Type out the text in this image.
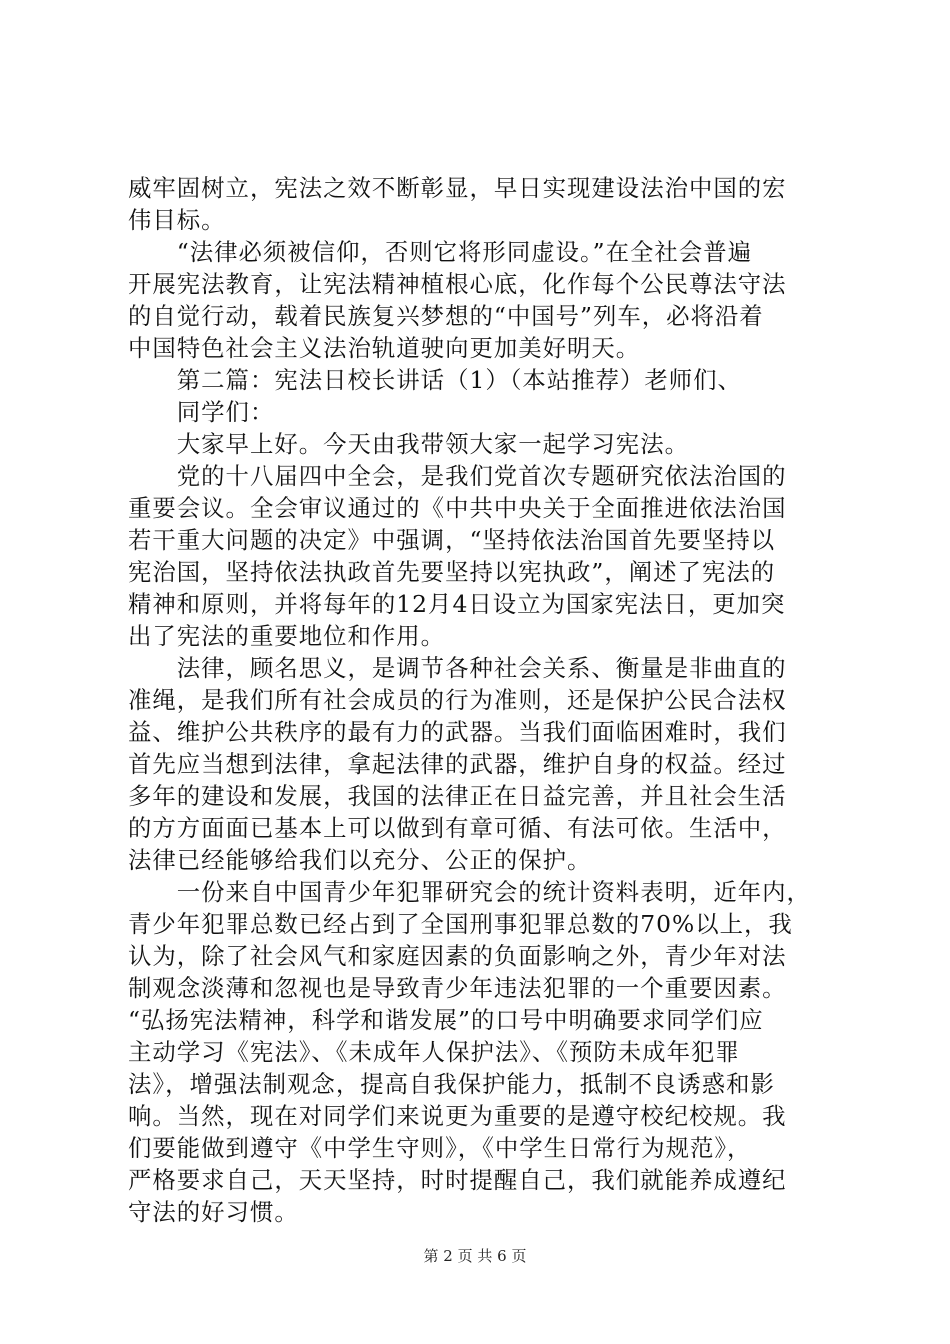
威牢固树立，宪法之效不断彰显，早日实现建设法治中国的宏
伟目标。
　　“法律必须被信仰，否则它将形同虚设。”在全社会普遍
开展宪法教育，让宪法精神植根心底，化作每个公民尊法守法
的自觉行动，载着民族复兴梦想的“中国号”列车，必将沿着
中国特色社会主义法治轨道驶向更加美好明天。
　　第二篇：宪法日校长讲话（1）（本站推荐）老师们、
　　同学们：
　　大家早上好。今天由我带领大家一起学习宪法。
　　党的十八届四中全会，是我们党首次专题研究依法治国的
重要会议。全会审议通过的《中共中央关于全面推进依法治国
若干重大问题的决定》中强调，“坚持依法治国首先要坚持以
宪治国，坚持依法执政首先要坚持以宪执政”，阐述了宪法的
精神和原则，并将每年的12月4日设立为国家宪法日，更加突
出了宪法的重要地位和作用。
　　法律，顾名思义，是调节各种社会关系、衡量是非曲直的
准绳，是我们所有社会成员的行为准则，还是保护公民合法权
益、维护公共秩序的最有力的武器。当我们面临困难时，我们
首先应当想到法律，拿起法律的武器，维护自身的权益。经过
多年的建设和发展，我国的法律正在日益完善，并且社会生活
的方方面面已基本上可以做到有章可循、有法可依。生活中，
法律已经能够给我们以充分、公正的保护。
　　一份来自中国青少年犯罪研究会的统计资料表明，近年内，
青少年犯罪总数已经占到了全国刑事犯罪总数的70%以上，我
认为，除了社会风气和家庭因素的负面影响之外，青少年对法
制观念淡薄和忽视也是导致青少年违法犯罪的一个重要因素。
“弘扬宪法精神，科学和谐发展”的口号中明确要求同学们应
主动学习《宪法》、《未成年人保护法》、《预防未成年犯罪
法》，增强法制观念，提高自我保护能力，抵制不良诱惑和影
响。当然，现在对同学们来说更为重要的是遵守校纪校规。我
们要能做到遵守《中学生守则》，《中学生日常行为规范》，
严格要求自己，天天坚持，时时提醒自己，我们就能养成遵纪
守法的好习惯。
第 2 页 共 6 页
